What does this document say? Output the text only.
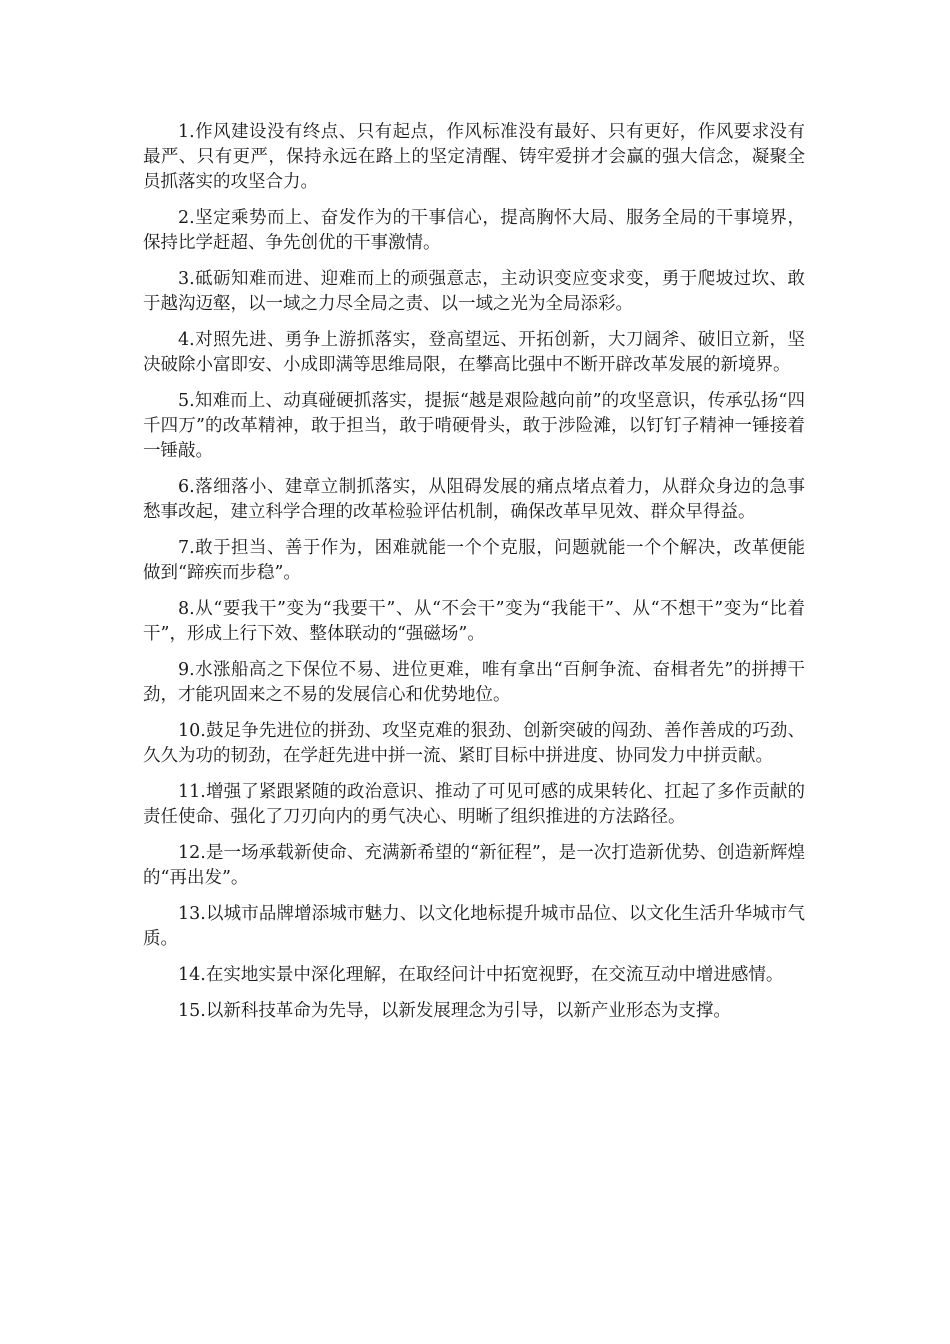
1.作风建设没有终点、只有起点，作风标准没有最好、只有更好，作风要求没有最严、只有更严，保持永远在路上的坚定清醒、铸牢爱拼才会赢的强大信念，凝聚全员抓落实的攻坚合力。

2.坚定乘势而上、奋发作为的干事信心，提高胸怀大局、服务全局的干事境界，保持比学赶超、争先创优的干事激情。

3.砥砺知难而进、迎难而上的顽强意志，主动识变应变求变，勇于爬坡过坎、敢于越沟迈壑，以一域之力尽全局之责、以一域之光为全局添彩。

4.对照先进、勇争上游抓落实，登高望远、开拓创新，大刀阔斧、破旧立新，坚决破除小富即安、小成即满等思维局限，在攀高比强中不断开辟改革发展的新境界。

5.知难而上、动真碰硬抓落实，提振“越是艰险越向前”的攻坚意识，传承弘扬“四千四万”的改革精神，敢于担当，敢于啃硬骨头，敢于涉险滩，以钉钉子精神一锤接着一锤敲。

6.落细落小、建章立制抓落实，从阻碍发展的痛点堵点着力，从群众身边的急事愁事改起，建立科学合理的改革检验评估机制，确保改革早见效、群众早得益。

7.敢于担当、善于作为，困难就能一个个克服，问题就能一个个解决，改革便能做到“蹄疾而步稳”。

8.从“要我干”变为“我要干”、从“不会干”变为“我能干”、从“不想干”变为“比着干”，形成上行下效、整体联动的“强磁场”。

9.水涨船高之下保位不易、进位更难，唯有拿出“百舸争流、奋楫者先”的拼搏干劲，才能巩固来之不易的发展信心和优势地位。

10.鼓足争先进位的拼劲、攻坚克难的狠劲、创新突破的闯劲、善作善成的巧劲、久久为功的韧劲，在学赶先进中拼一流、紧盯目标中拼进度、协同发力中拼贡献。

11.增强了紧跟紧随的政治意识、推动了可见可感的成果转化、扛起了多作贡献的责任使命、强化了刀刃向内的勇气决心、明晰了组织推进的方法路径。

12.是一场承载新使命、充满新希望的“新征程”，是一次打造新优势、创造新辉煌的“再出发”。

13.以城市品牌增添城市魅力、以文化地标提升城市品位、以文化生活升华城市气质。

14.在实地实景中深化理解，在取经问计中拓宽视野，在交流互动中增进感情。

15.以新科技革命为先导，以新发展理念为引导，以新产业形态为支撑。
